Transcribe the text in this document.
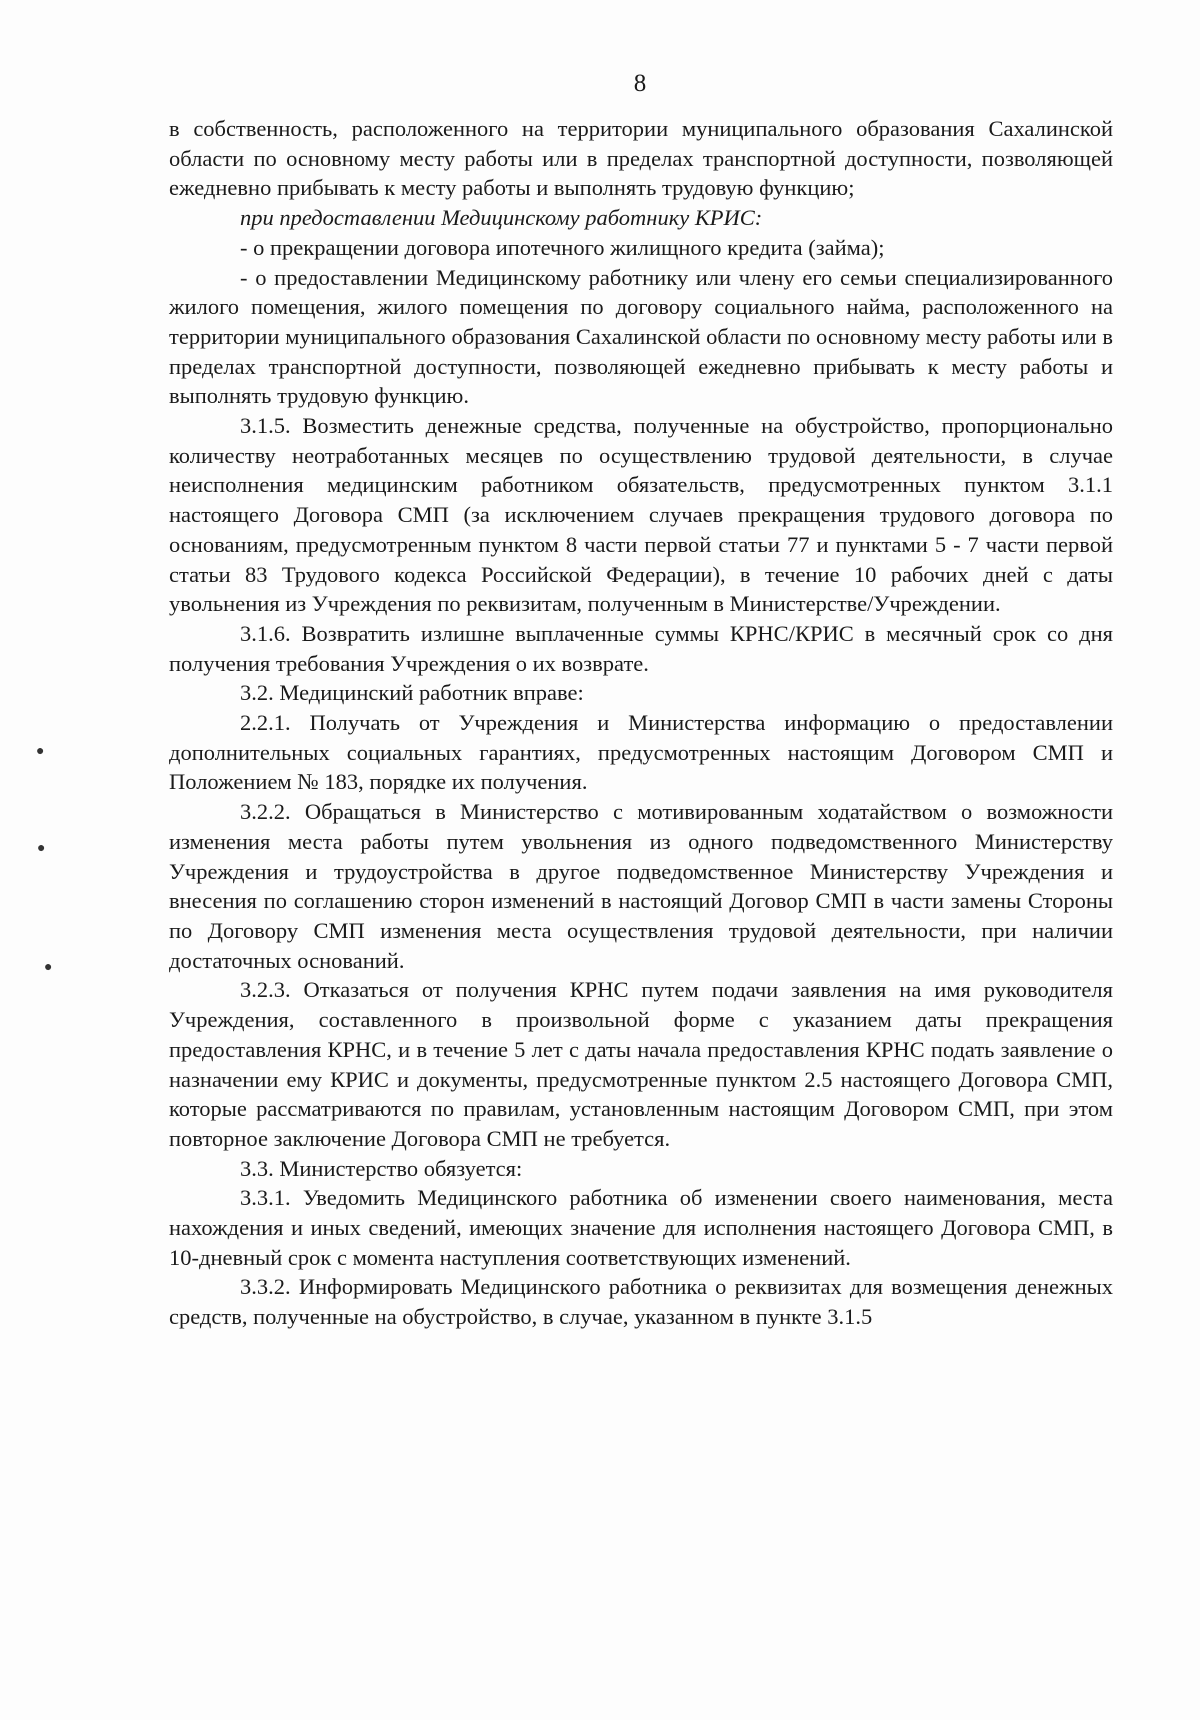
8

в собственность, расположенного на территории муниципального образования Сахалинской области по основному месту работы или в пределах транспортной доступности, позволяющей ежедневно прибывать к месту работы и выполнять трудовую функцию;

при предоставлении Медицинскому работнику КРИС:

- о прекращении договора ипотечного жилищного кредита (займа);

- о предоставлении Медицинскому работнику или члену его семьи специализированного жилого помещения, жилого помещения по договору социального найма, расположенного на территории муниципального образования Сахалинской области по основному месту работы или в пределах транспортной доступности, позволяющей ежедневно прибывать к месту работы и выполнять трудовую функцию.

3.1.5. Возместить денежные средства, полученные на обустройство, пропорционально количеству неотработанных месяцев по осуществлению трудовой деятельности, в случае неисполнения медицинским работником обязательств, предусмотренных пунктом 3.1.1 настоящего Договора СМП (за исключением случаев прекращения трудового договора по основаниям, предусмотренным пунктом 8 части первой статьи 77 и пунктами 5 - 7 части первой статьи 83 Трудового кодекса Российской Федерации), в течение 10 рабочих дней с даты увольнения из Учреждения по реквизитам, полученным в Министерстве/Учреждении.

3.1.6. Возвратить излишне выплаченные суммы КРНС/КРИС в месячный срок со дня получения требования Учреждения о их возврате.

3.2. Медицинский работник вправе:

2.2.1. Получать от Учреждения и Министерства информацию о предоставлении дополнительных социальных гарантиях, предусмотренных настоящим Договором СМП и Положением № 183, порядке их получения.

3.2.2. Обращаться в Министерство с мотивированным ходатайством о возможности изменения места работы путем увольнения из одного подведомственного Министерству Учреждения и трудоустройства в другое подведомственное Министерству Учреждения и внесения по соглашению сторон изменений в настоящий Договор СМП в части замены Стороны по Договору СМП изменения места осуществления трудовой деятельности, при наличии достаточных оснований.

3.2.3. Отказаться от получения КРНС путем подачи заявления на имя руководителя Учреждения, составленного в произвольной форме с указанием даты прекращения предоставления КРНС, и в течение 5 лет с даты начала предоставления КРНС подать заявление о назначении ему КРИС и документы, предусмотренные пунктом 2.5 настоящего Договора СМП, которые рассматриваются по правилам, установленным настоящим Договором СМП, при этом повторное заключение Договора СМП не требуется.

3.3. Министерство обязуется:

3.3.1. Уведомить Медицинского работника об изменении своего наименования, места нахождения и иных сведений, имеющих значение для исполнения настоящего Договора СМП, в 10-дневный срок с момента наступления соответствующих изменений.

3.3.2. Информировать Медицинского работника о реквизитах для возмещения денежных средств, полученные на обустройство, в случае, указанном в пункте 3.1.5

●
●
●
